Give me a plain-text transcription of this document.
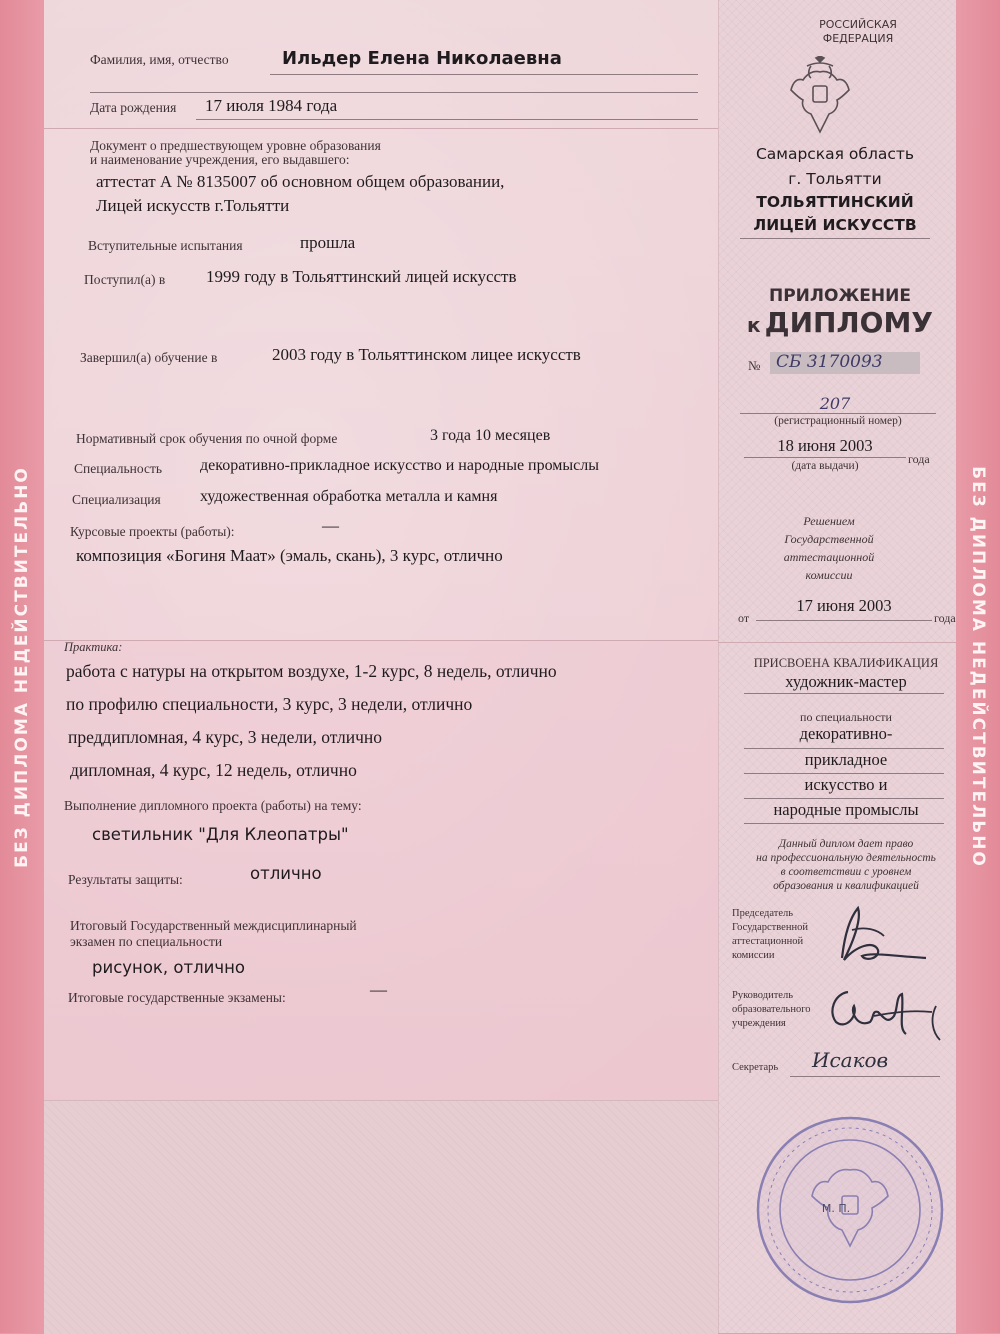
БЕЗ ДИПЛОМА НЕДЕЙСТВИТЕЛЬНО	БЕЗ ДИПЛОМА НЕДЕЙСТВИТЕЛЬНО
Фамилия, имя, отчество	Ильдер Елена Николаевна
Дата рождения 17 июля 1984 года
Документ о предшествующем уровне образования
и наименование учреждения, его выдавшего:
аттестат А № 8135007 об основном общем образовании,
Лицей искусств г.Тольятти
Вступительные испытания	прошла
Поступил(а) в 1999 году в Тольяттинский лицей искусств
Завершил(а) обучение в	2003 году в Тольяттинском лицее искусств
Нормативный срок обучения по очной форме	3 года 10 месяцев
Специальность декоративно-прикладное искусство и народные промыслы
Специализация художественная обработка металла и камня
Курсовые проекты (работы):	—
композиция «Богиня Маат» (эмаль, скань), 3 курс, отлично
Практика:
работа с натуры на открытом воздухе, 1-2 курс, 8 недель, отлично
по профилю специальности, 3 курс, 3 недели, отлично
преддипломная, 4 курс, 3 недели, отлично
дипломная, 4 курс, 12 недель, отлично
Выполнение дипломного проекта (работы) на тему:
светильник "Для Клеопатры"
Результаты защиты:	отлично
Итоговый Государственный междисциплинарный
экзамен по специальности
рисунок, отлично
Итоговые государственные экзамены:	—
РОССИЙСКАЯ
ФЕДЕРАЦИЯ
Самарская область
г. Тольятти
ТОЛЬЯТТИНСКИЙ
ЛИЦЕЙ ИСКУССТВ
ПРИЛОЖЕНИЕ
к ДИПЛОМУ
№ СБ 3170093
207
(регистрационный номер)
18 июня 2003
года
(дата выдачи)
Решением
Государственной
аттестационной
комиссии
от
17 июня 2003
года
ПРИСВОЕНА КВАЛИФИКАЦИЯ
художник-мастер
по специальности
декоративно-
прикладное
искусство и
народные промыслы
Данный диплом дает право
на профессиональную деятельность
в соответствии с уровнем
образования и квалификацией
Председатель
Государственной
аттестационной
комиссии
Руководитель
образовательного
учреждения
Секретарь Исаков
М. П.
